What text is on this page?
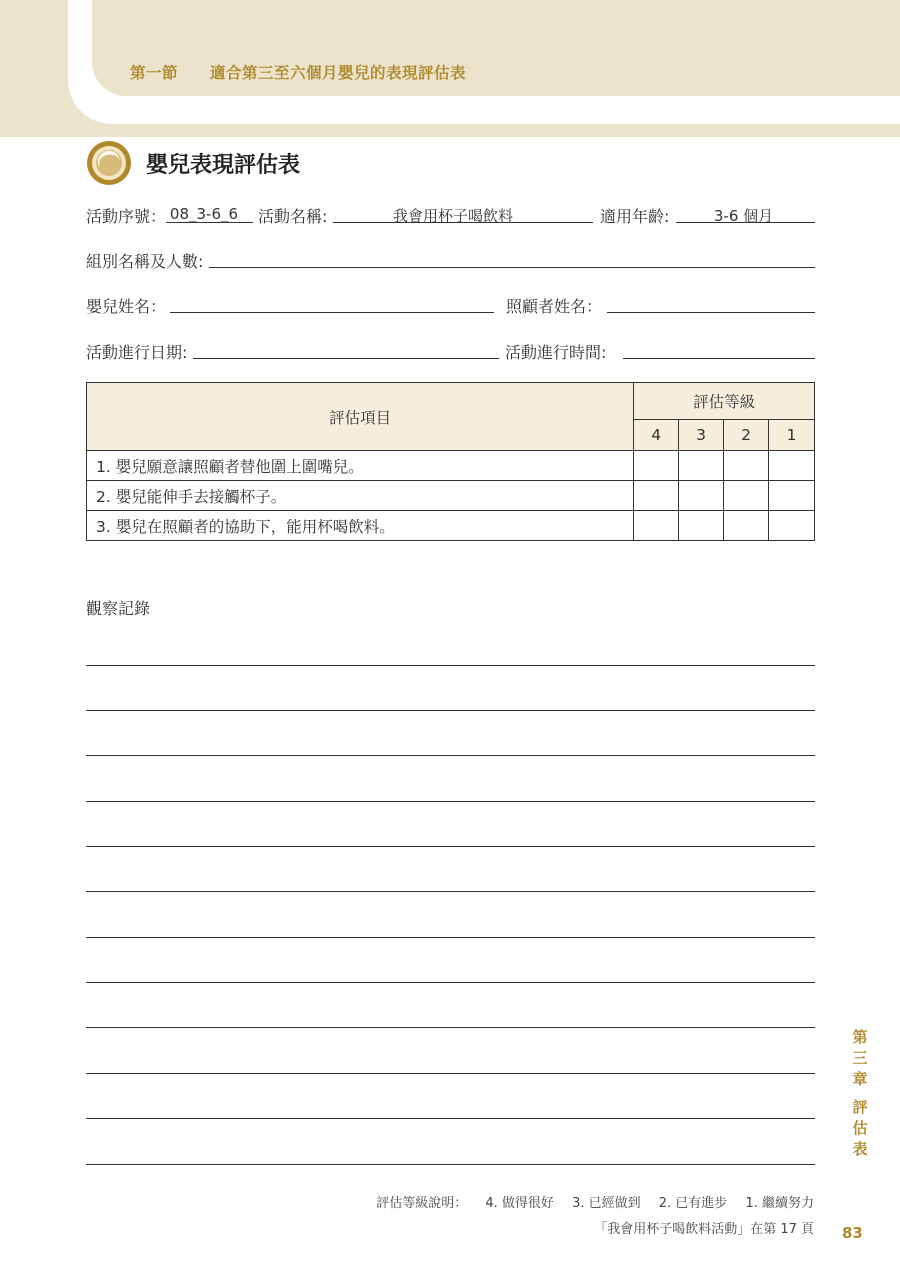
第一節 適合第三至六個月嬰兒的表現評估表
嬰兒表現評估表
活動序號： 08_3-6_6 活動名稱:	我會用杯子喝飲料	適用年齡:	3-6 個月
組別名稱及人數:
嬰兒姓名：	照顧者姓名：
活動進行日期:	活動進行時間:
評估項目	評估等級			
	4	3	2	1
1. 嬰兒願意讓照顧者替他圍上圍嘴兒。				
2. 嬰兒能伸手去接觸杯子。				
3. 嬰兒在照顧者的協助下，能用杯喝飲料。				
觀察記錄
第
三
章
評
估
表
評估等級說明： 4. 做得很好 3. 已經做到 2. 已有進步 1. 繼續努力
「我會用杯子喝飲料活動」在第 17 頁 83
